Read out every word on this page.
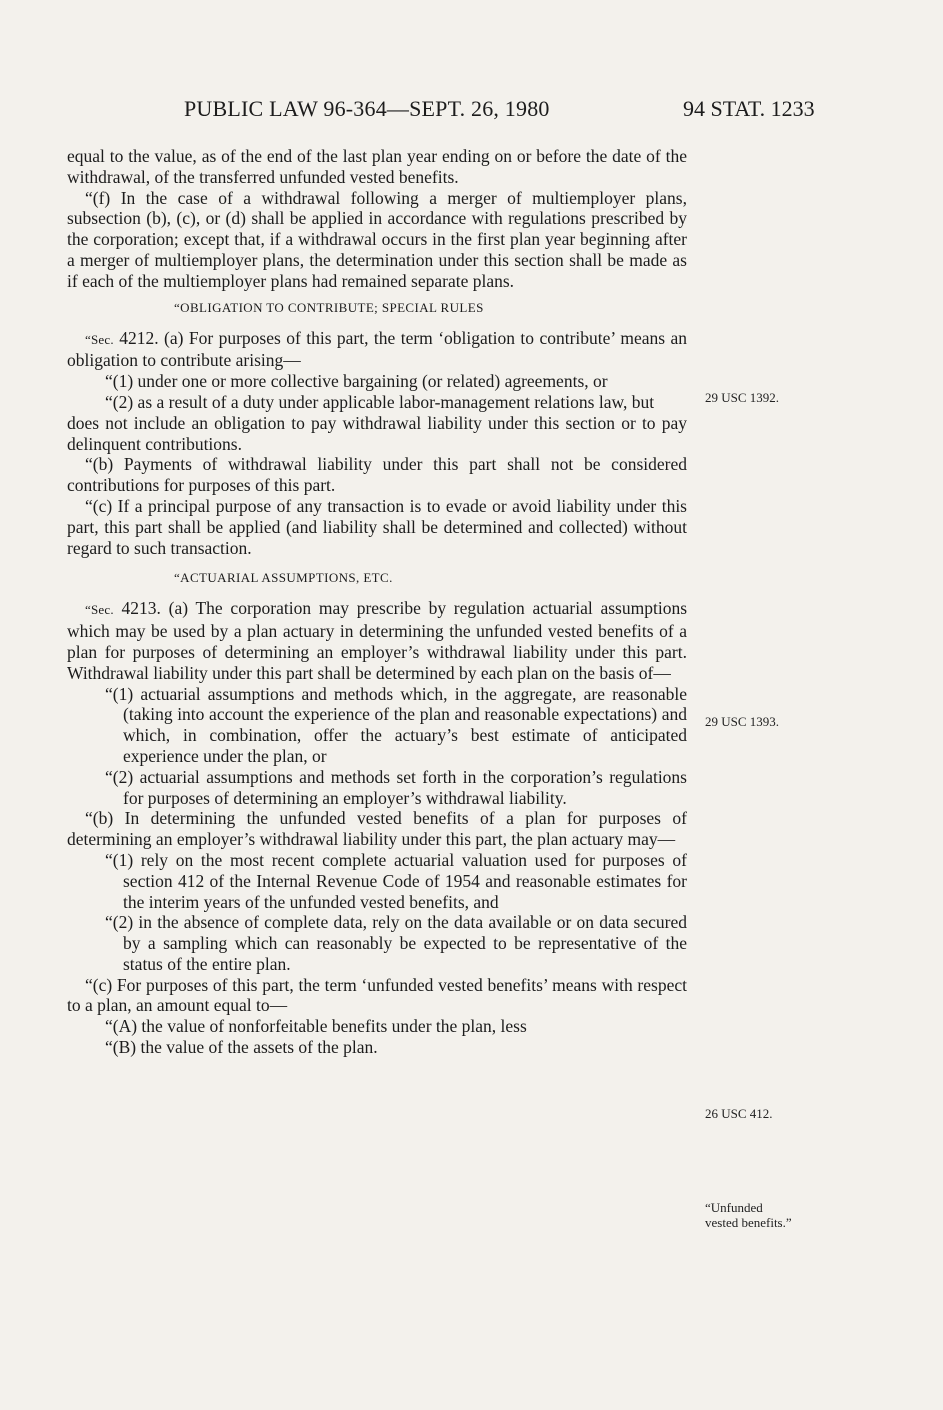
PUBLIC LAW 96-364—SEPT. 26, 1980	94 STAT. 1233

equal to the value, as of the end of the last plan year ending on or before the date of the withdrawal, of the transferred unfunded vested benefits.

“(f) In the case of a withdrawal following a merger of multiemployer plans, subsection (b), (c), or (d) shall be applied in accordance with regulations prescribed by the corporation; except that, if a withdrawal occurs in the first plan year beginning after a merger of multiemployer plans, the determination under this section shall be made as if each of the multiemployer plans had remained separate plans.

“OBLIGATION TO CONTRIBUTE; SPECIAL RULES

“Sec. 4212. (a) For purposes of this part, the term ‘obligation to contribute’ means an obligation to contribute arising—

“(1) under one or more collective bargaining (or related) agreements, or

“(2) as a result of a duty under applicable labor-management relations law, but

does not include an obligation to pay withdrawal liability under this section or to pay delinquent contributions.

“(b) Payments of withdrawal liability under this part shall not be considered contributions for purposes of this part.

“(c) If a principal purpose of any transaction is to evade or avoid liability under this part, this part shall be applied (and liability shall be determined and collected) without regard to such transaction.

“ACTUARIAL ASSUMPTIONS, ETC.

“Sec. 4213. (a) The corporation may prescribe by regulation actuarial assumptions which may be used by a plan actuary in determining the unfunded vested benefits of a plan for purposes of determining an employer’s withdrawal liability under this part. Withdrawal liability under this part shall be determined by each plan on the basis of—

“(1) actuarial assumptions and methods which, in the aggregate, are reasonable (taking into account the experience of the plan and reasonable expectations) and which, in combination, offer the actuary’s best estimate of anticipated experience under the plan, or

“(2) actuarial assumptions and methods set forth in the corporation’s regulations for purposes of determining an employer’s withdrawal liability.

“(b) In determining the unfunded vested benefits of a plan for purposes of determining an employer’s withdrawal liability under this part, the plan actuary may—

“(1) rely on the most recent complete actuarial valuation used for purposes of section 412 of the Internal Revenue Code of 1954 and reasonable estimates for the interim years of the unfunded vested benefits, and

“(2) in the absence of complete data, rely on the data available or on data secured by a sampling which can reasonably be expected to be representative of the status of the entire plan.

“(c) For purposes of this part, the term ‘unfunded vested benefits’ means with respect to a plan, an amount equal to—

“(A) the value of nonforfeitable benefits under the plan, less

“(B) the value of the assets of the plan.

29 USC 1392.
29 USC 1393.
26 USC 412.
“Unfunded
vested benefits.”
